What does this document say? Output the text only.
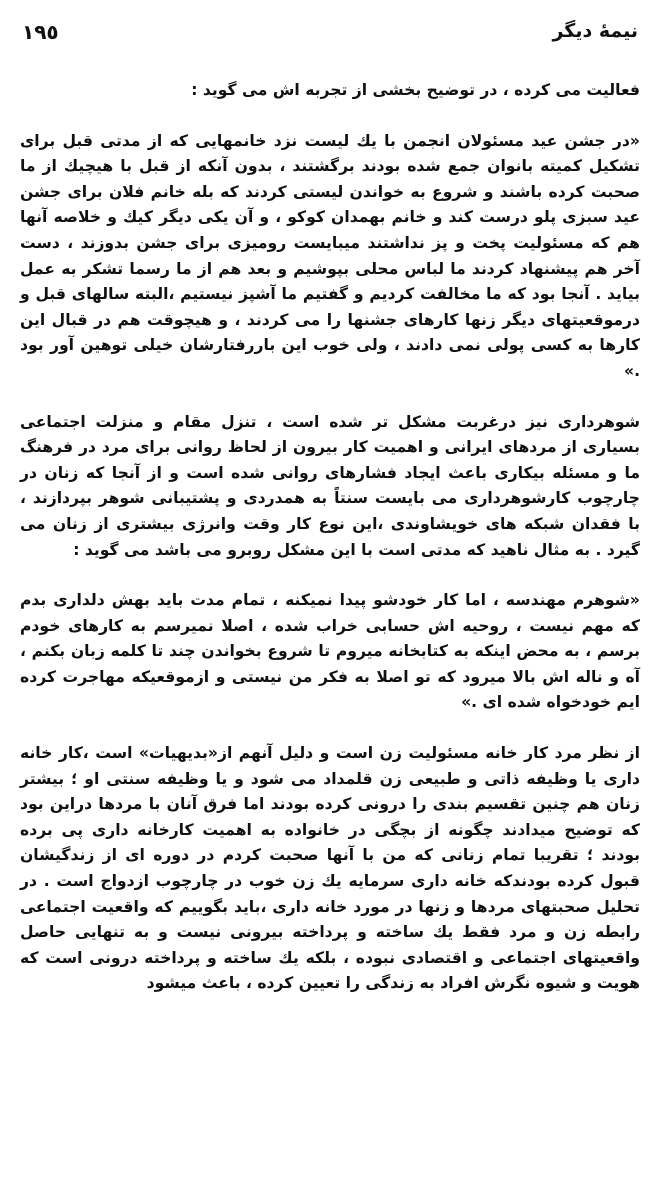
١٩٥	نیمهٔ دیگر

فعالیت می کرده ، در توضیح بخشی از تجربه اش می گوید :

«در جشن عید مسئولان انجمن با یك لیست نزد خانمهایی كه از مدتی قبل برای تشكیل كمیته بانوان جمع شده بودند برگشتند ، بدون آنكه از قبل با هیچیك از ما صحبت كرده باشند و شروع به خواندن لیستی كردند كه بله خانم فلان برای جشن عید سبزی پلو درست كند و خانم بهمدان كوكو ، و آن یكی دیگر كیك و خلاصه آنها هم كه مسئولیت پخت و پز نداشتند میبایست رومیزی برای جشن بدوزند ، دست آخر هم پیشنهاد كردند ما لباس محلی بپوشیم و بعد هم از ما رسما تشكر به عمل بیاید . آنجا بود كه ما مخالفت كردیم و گفتیم ما آشپز نیستیم ،البته سالهای قبل و درموقعیتهای دیگر زنها كارهای جشنها را می كردند ، و هیچوقت هم در قبال این كارها به كسی پولی نمی دادند ، ولی خوب این باررفتارشان خیلی توهین آور بود .»

شوهرداری نیز درغربت مشكل تر شده است ، تنزل مقام و منزلت اجتماعی بسیاری از مردهای ایرانی و اهمیت كار بیرون از لحاظ روانی برای مرد در فرهنگ ما و مسئله بیكاری باعث ایجاد فشارهای روانی شده است و از آنجا كه زنان در چارچوب كارشوهرداری می بایست سنتاً به همدردی و پشتیبانی شوهر بپردازند ، با فقدان شبكه های خویشاوندی ،این نوع كار وقت وانرژی بیشتری از زنان می گیرد . به مثال ناهید كه مدتی است با این مشكل روبرو می باشد می گوید :

«شوهرم مهندسه ، اما كار خودشو پیدا نمیكنه ، تمام مدت باید بهش دلداری بدم كه مهم نیست ، روحیه اش حسابی خراب شده ، اصلا نمیرسم به كارهای خودم برسم ، به محض اینكه به كتابخانه میروم تا شروع بخواندن چند تا كلمه زبان بكنم ، آه و ناله اش بالا میرود كه تو اصلا به فكر من نیستی و ازموقعیكه مهاجرت كرده ایم خودخواه شده ای .»

از نظر مرد كار خانه مسئولیت زن است و دلیل آنهم از«بدیهیات» است ،كار خانه داری یا وظیفه ذاتی و طبیعی زن قلمداد می شود و یا وظیفه سنتی او ؛ بیشتر زنان هم چنین تقسیم بندی را درونی كرده بودند اما فرق آنان با مردها دراین بود كه توضیح میدادند چگونه از بچگی در خانواده به اهمیت كارخانه داری پی برده بودند ؛ تقریبا تمام زنانی كه من با آنها صحبت كردم در دوره ای از زندگیشان قبول كرده بودندكه خانه داری سرمایه یك زن خوب در چارچوب ازدواج است . در تحلیل صحبتهای مردها و زنها در مورد خانه داری ،باید بگوییم كه واقعیت اجتماعی رابطه زن و مرد فقط یك ساخته و پرداخته بیرونی نیست و به تنهایی حاصل واقعیتهای اجتماعی و اقتصادی نبوده ، بلكه یك ساخته و پرداخته درونی است كه هویت و شیوه نگرش افراد به زندگی را تعیین كرده ، باعث میشود
